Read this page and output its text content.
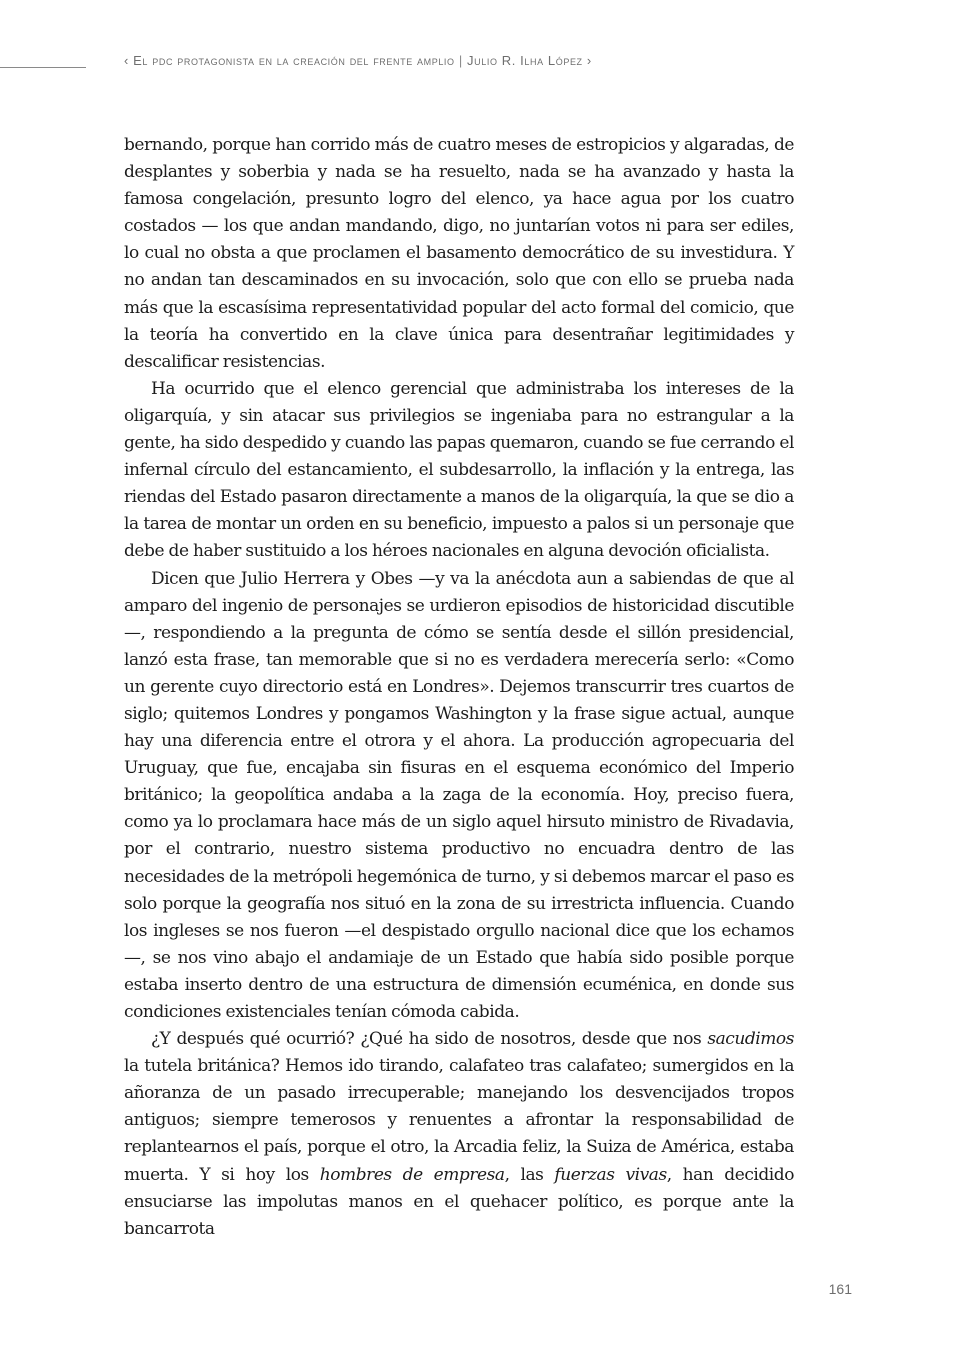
‹ El pdc protagonista en la creación del frente amplio | Julio R. Ilha López ›

bernando, porque han corrido más de cuatro meses de estropicios y algaradas, de desplantes y soberbia y nada se ha resuelto, nada se ha avanzado y hasta la famosa congelación, presunto logro del elenco, ya hace agua por los cuatro costados — los que andan mandando, digo, no juntarían votos ni para ser ediles, lo cual no obsta a que proclamen el basamento democrático de su investidura. Y no andan tan descaminados en su invocación, solo que con ello se prueba nada más que la escasísima representatividad popular del acto formal del comicio, que la teoría ha convertido en la clave única para desentrañar legitimidades y descalificar resistencias.

Ha ocurrido que el elenco gerencial que administraba los intereses de la oligarquía, y sin atacar sus privilegios se ingeniaba para no estrangular a la gente, ha sido despedido y cuando las papas quemaron, cuando se fue cerrando el infernal círculo del estancamiento, el subdesarrollo, la inflación y la entrega, las riendas del Estado pasaron directamente a manos de la oligarquía, la que se dio a la tarea de montar un orden en su beneficio, impuesto a palos si un personaje que debe de haber sustituido a los héroes nacionales en alguna devoción oficialista.

Dicen que Julio Herrera y Obes —y va la anécdota aun a sabiendas de que al amparo del ingenio de personajes se urdieron episodios de historicidad discutible—, respondiendo a la pregunta de cómo se sentía desde el sillón presidencial, lanzó esta frase, tan memorable que si no es verdadera merecería serlo: «Como un gerente cuyo directorio está en Londres». Dejemos transcurrir tres cuartos de siglo; quitemos Londres y pongamos Washington y la frase sigue actual, aunque hay una diferencia entre el otrora y el ahora. La producción agropecuaria del Uruguay, que fue, encajaba sin fisuras en el esquema económico del Imperio británico; la geopolítica andaba a la zaga de la economía. Hoy, preciso fuera, como ya lo proclamara hace más de un siglo aquel hirsuto ministro de Rivadavia, por el contrario, nuestro sistema productivo no encuadra dentro de las necesidades de la metrópoli hegemónica de turno, y si debemos marcar el paso es solo porque la geografía nos situó en la zona de su irrestricta influencia. Cuando los ingleses se nos fueron —el despistado orgullo nacional dice que los echamos—, se nos vino abajo el andamiaje de un Estado que había sido posible porque estaba inserto dentro de una estructura de dimensión ecuménica, en donde sus condiciones existenciales tenían cómoda cabida.

¿Y después qué ocurrió? ¿Qué ha sido de nosotros, desde que nos sacudimos la tutela británica? Hemos ido tirando, calafateo tras calafateo; sumergidos en la añoranza de un pasado irrecuperable; manejando los desvencijados tropos antiguos; siempre temerosos y renuentes a afrontar la responsabilidad de replantearnos el país, porque el otro, la Arcadia feliz, la Suiza de América, estaba muerta. Y si hoy los hombres de empresa, las fuerzas vivas, han decidido ensuciarse las impolutas manos en el quehacer político, es porque ante la bancarrota

161
